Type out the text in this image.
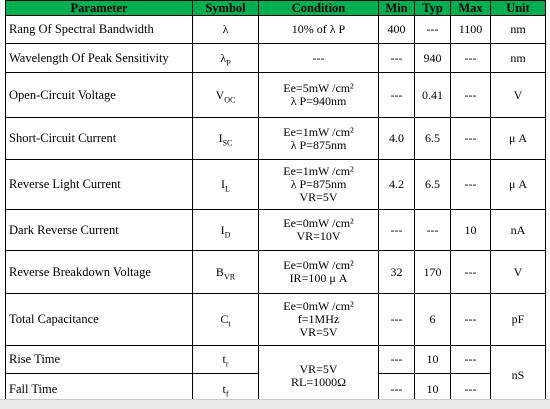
Parameter	Symbol	Condition	Min	Typ	Max	Unit
Rang Of Spectral Bandwidth	λ	10% of λ P	400	---	1100	nm
Wavelength Of Peak Sensitivity	$\lambda_P$	---	---	940	---	nm
Open-Circuit Voltage	$V_{OC}$	Ee=5mW /cm²
λ P=940nm	---	0.41	---	V
Short-Circuit Current	$I_{SC}$	Ee=1mW /cm²
λ P=875nm	4.0	6.5	---	μ A
Reverse Light Current	$I_L$	Ee=1mW /cm²
λ P=875nm
VR=5V	4.2	6.5	---	μ A
Dark Reverse Current	$I_D$	Ee=0mW /cm²
VR=10V	---	---	10	nA
Reverse Breakdown Voltage	$B_{VR}$	Ee=0mW /cm²
IR=100 μ A	32	170	---	V
Total Capacitance	$C_t$	Ee=0mW /cm²
f=1MHz
VR=5V	---	6	---	pF
Rise Time	$t_r$	VR=5V
RL=1000Ω	---	10	---	nS
Fall Time	$t_f$		---	10	---	
